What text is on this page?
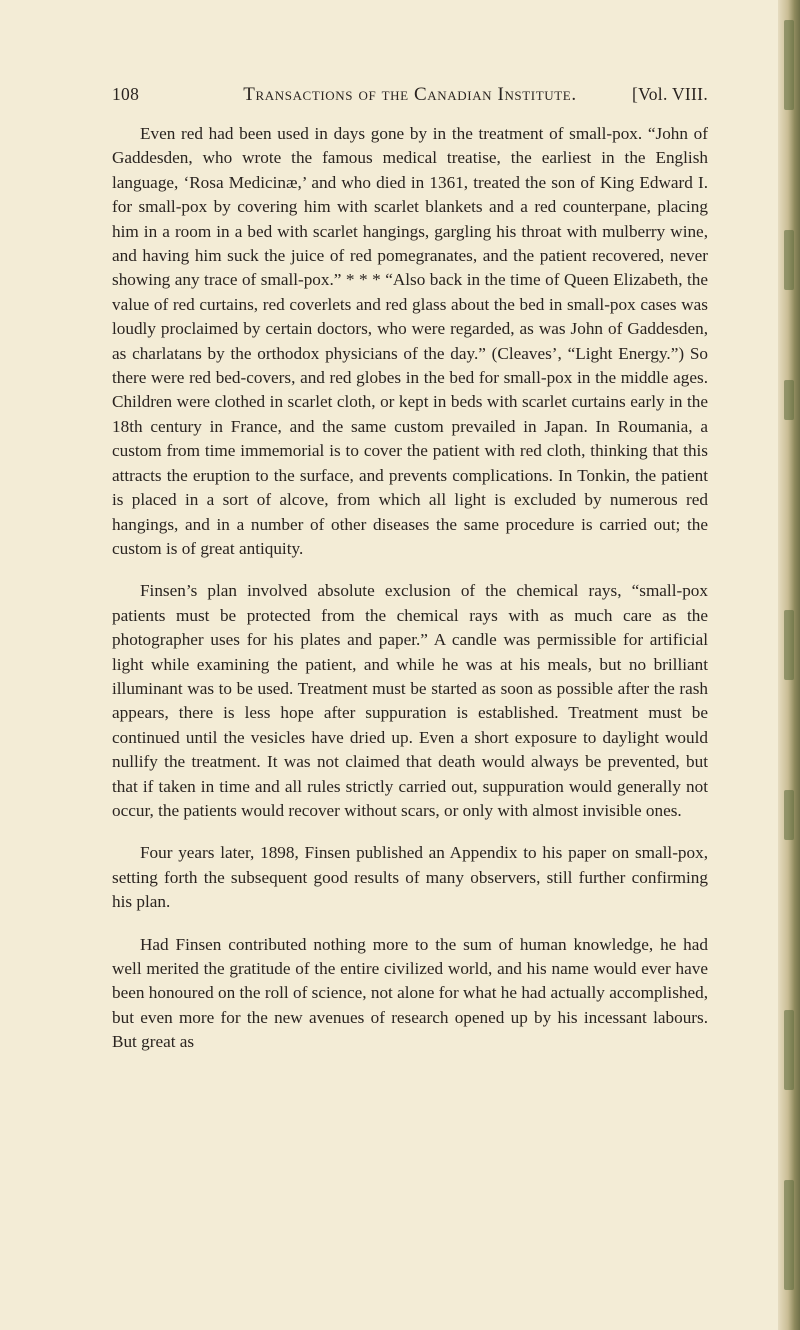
108	Transactions of the Canadian Institute.	[Vol. VIII.

Even red had been used in days gone by in the treatment of small-pox. “John of Gaddesden, who wrote the famous medical treatise, the earliest in the English language, ‘Rosa Medicinæ,’ and who died in 1361, treated the son of King Edward I. for small-pox by covering him with scarlet blankets and a red counterpane, placing him in a room in a bed with scarlet hangings, gargling his throat with mulberry wine, and having him suck the juice of red pomegranates, and the patient recovered, never showing any trace of small-pox.” * * * “Also back in the time of Queen Elizabeth, the value of red curtains, red coverlets and red glass about the bed in small-pox cases was loudly proclaimed by certain doctors, who were regarded, as was John of Gaddesden, as charlatans by the orthodox physicians of the day.” (Cleaves’, “Light Energy.”) So there were red bed-covers, and red globes in the bed for small-pox in the middle ages. Children were clothed in scarlet cloth, or kept in beds with scarlet curtains early in the 18th century in France, and the same custom prevailed in Japan. In Roumania, a custom from time immemorial is to cover the patient with red cloth, thinking that this attracts the eruption to the surface, and prevents complications. In Tonkin, the patient is placed in a sort of alcove, from which all light is excluded by numerous red hangings, and in a number of other diseases the same procedure is carried out; the custom is of great antiquity.

Finsen’s plan involved absolute exclusion of the chemical rays, “small-pox patients must be protected from the chemical rays with as much care as the photographer uses for his plates and paper.” A candle was permissible for artificial light while examining the patient, and while he was at his meals, but no brilliant illuminant was to be used. Treatment must be started as soon as possible after the rash appears, there is less hope after suppuration is established. Treatment must be continued until the vesicles have dried up. Even a short exposure to daylight would nullify the treatment. It was not claimed that death would always be prevented, but that if taken in time and all rules strictly carried out, suppuration would generally not occur, the patients would recover without scars, or only with almost invisible ones.

Four years later, 1898, Finsen published an Appendix to his paper on small-pox, setting forth the subsequent good results of many observers, still further confirming his plan.

Had Finsen contributed nothing more to the sum of human knowledge, he had well merited the gratitude of the entire civilized world, and his name would ever have been honoured on the roll of science, not alone for what he had actually accomplished, but even more for the new avenues of research opened up by his incessant labours. But great as
